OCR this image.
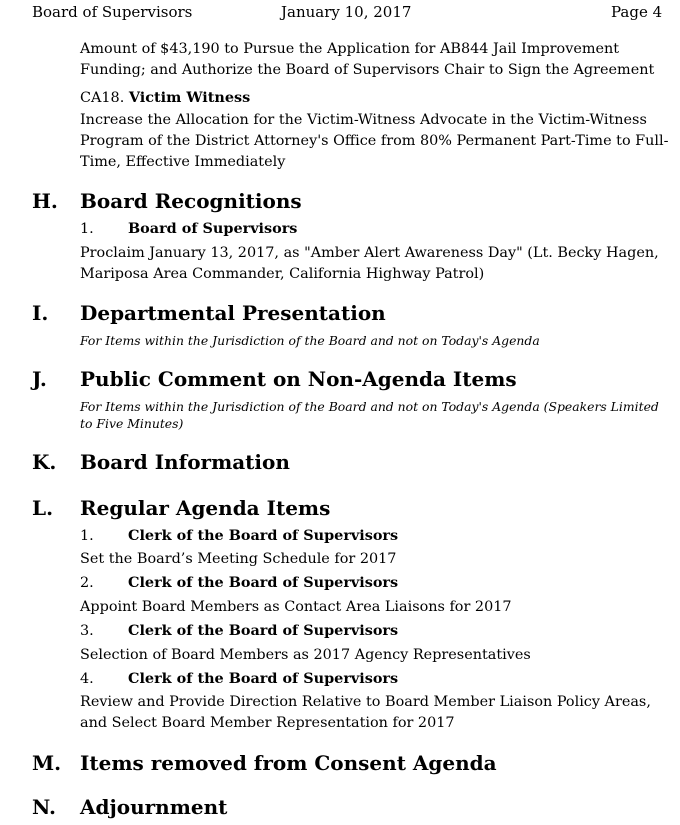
Board of Supervisors	January 10, 2017	Page 4
Amount of $43,190 to Pursue the Application for AB844 Jail Improvement Funding; and Authorize the Board of Supervisors Chair to Sign the Agreement
CA18. Victim Witness
Increase the Allocation for the Victim-Witness Advocate in the Victim-Witness Program of the District Attorney's Office from 80% Permanent Part-Time to Full-Time, Effective Immediately
H. Board Recognitions
1. Board of Supervisors
Proclaim January 13, 2017, as "Amber Alert Awareness Day" (Lt. Becky Hagen, Mariposa Area Commander, California Highway Patrol)
I. Departmental Presentation
For Items within the Jurisdiction of the Board and not on Today's Agenda
J. Public Comment on Non-Agenda Items
For Items within the Jurisdiction of the Board and not on Today's Agenda (Speakers Limited to Five Minutes)
K. Board Information
L. Regular Agenda Items
1. Clerk of the Board of Supervisors
Set the Board’s Meeting Schedule for 2017
2. Clerk of the Board of Supervisors
Appoint Board Members as Contact Area Liaisons for 2017
3. Clerk of the Board of Supervisors
Selection of Board Members as 2017 Agency Representatives
4. Clerk of the Board of Supervisors
Review and Provide Direction Relative to Board Member Liaison Policy Areas, and Select Board Member Representation for 2017
M. Items removed from Consent Agenda
N. Adjournment
